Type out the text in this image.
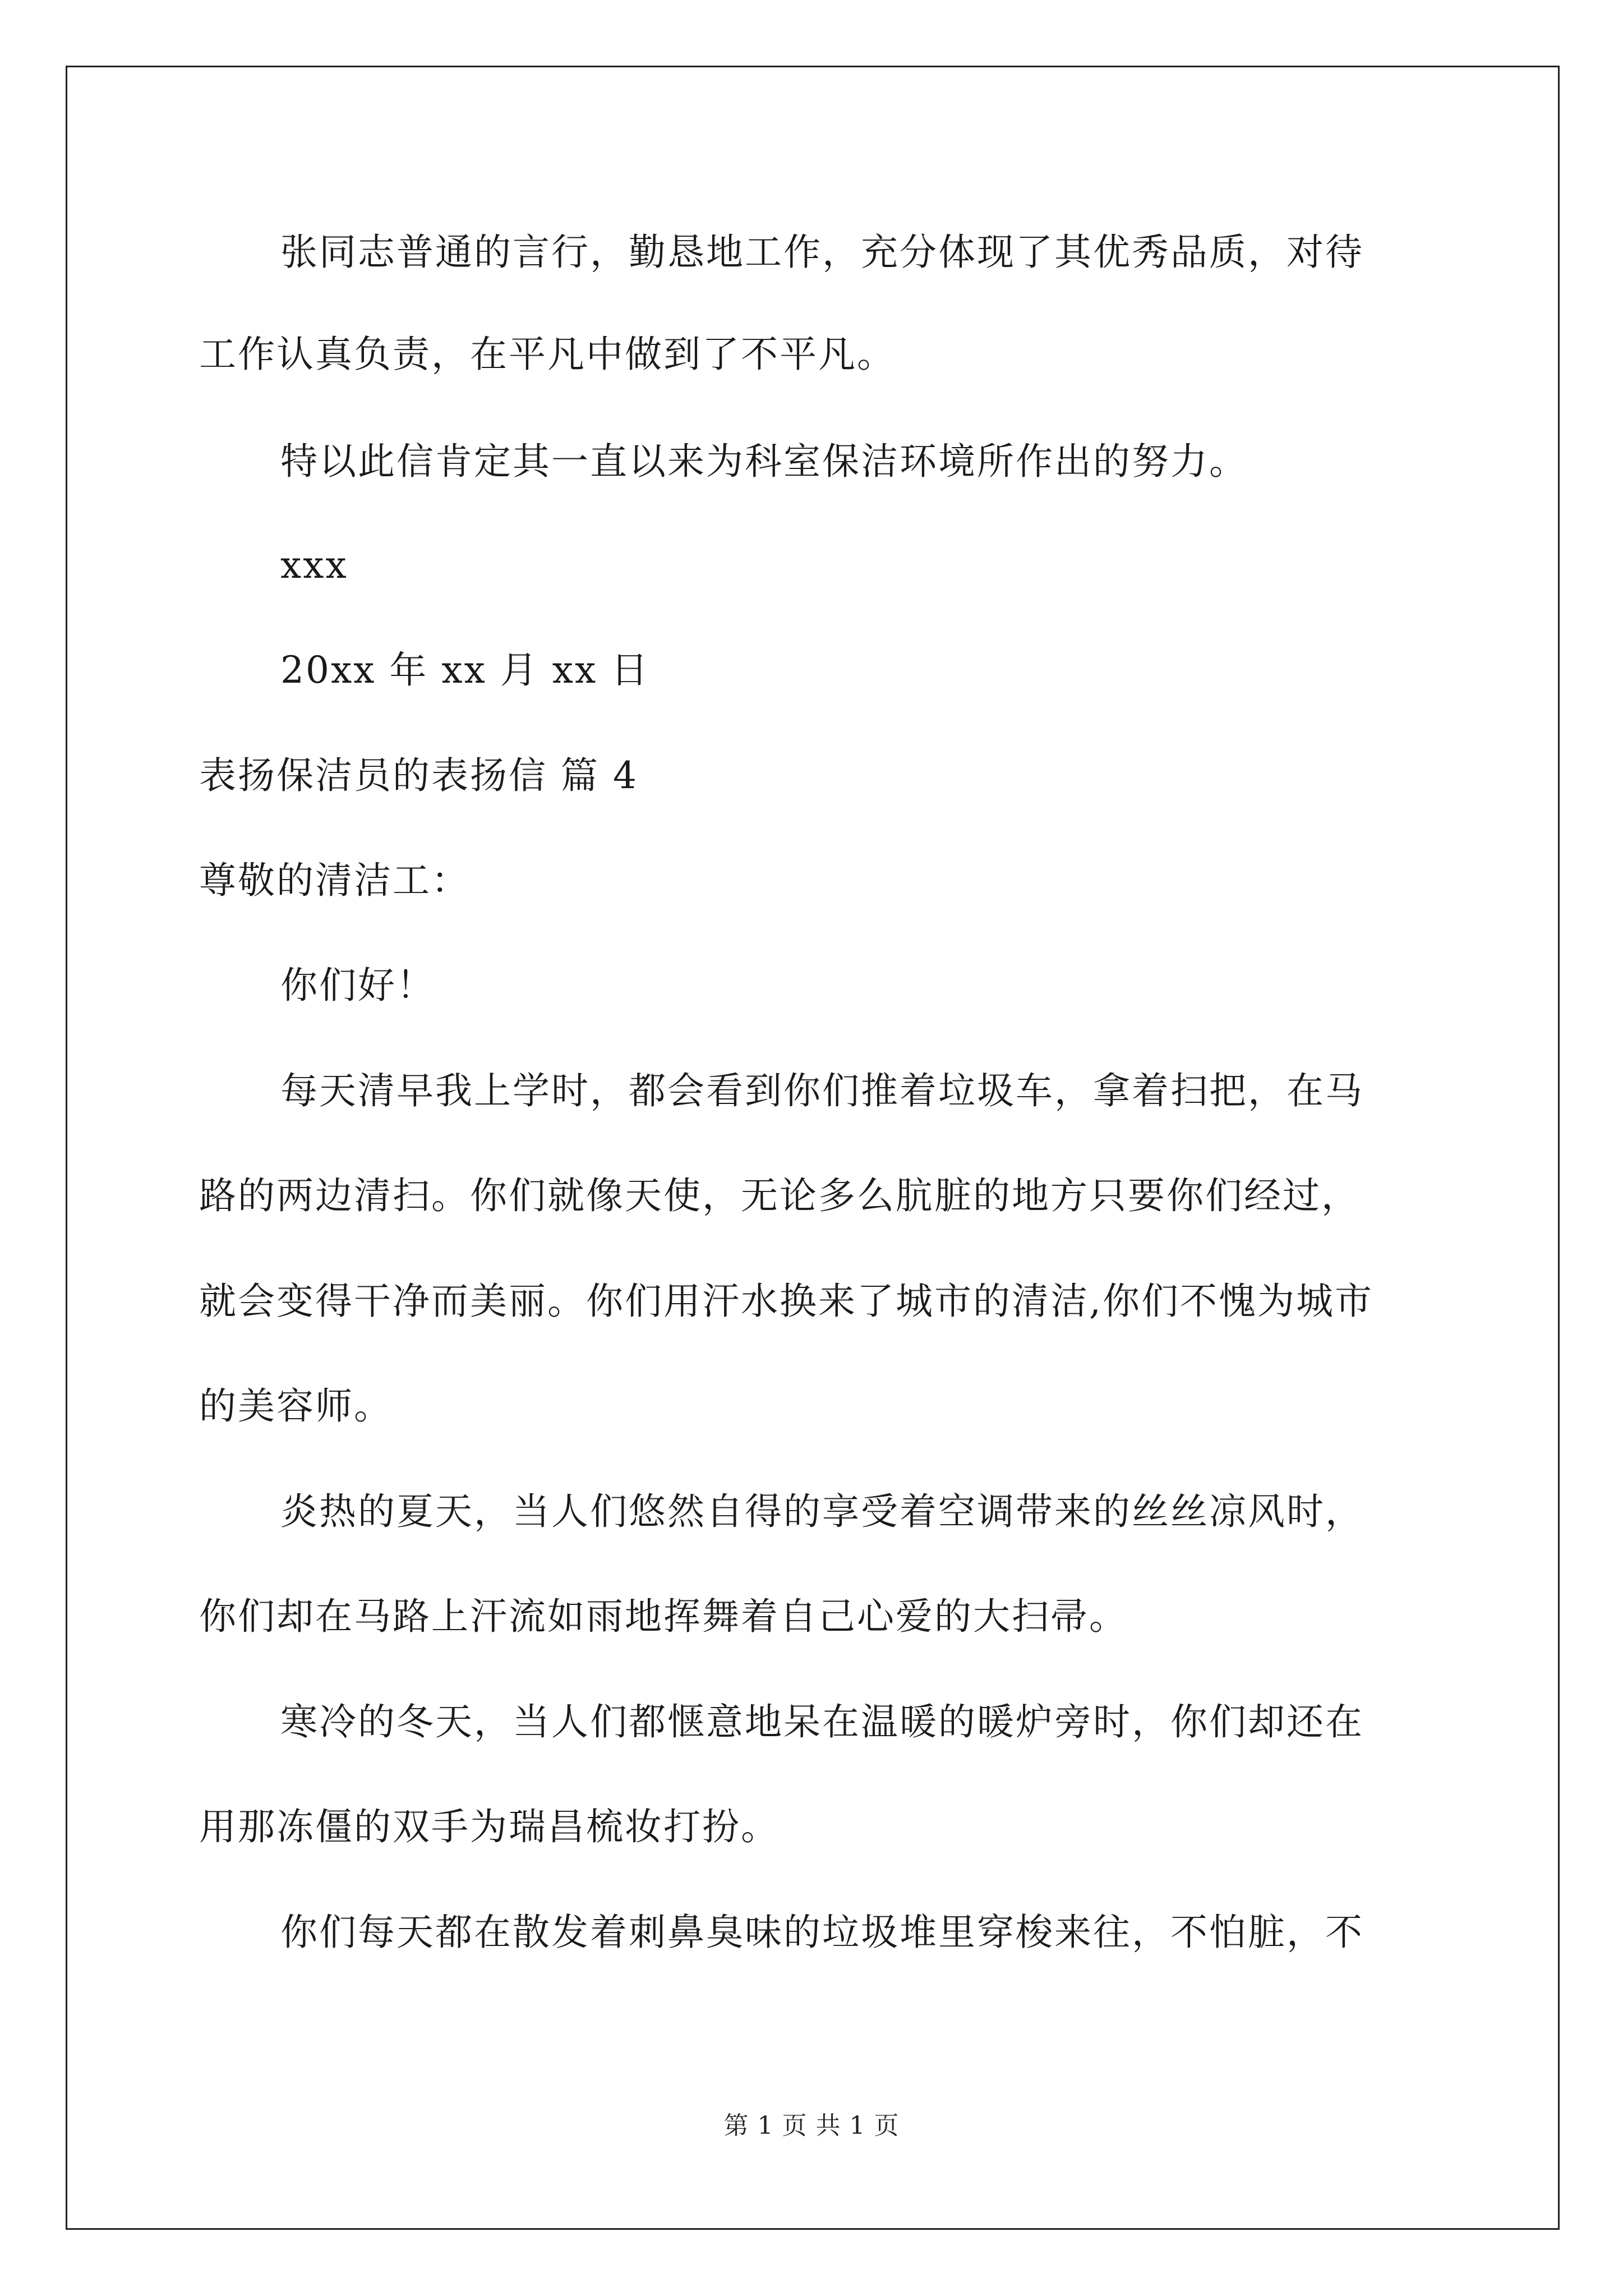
张同志普通的言行，勤恳地工作，充分体现了其优秀品质，对待
工作认真负责，在平凡中做到了不平凡。
特以此信肯定其一直以来为科室保洁环境所作出的努力。
xxx
20xx 年 xx 月 xx 日
表扬保洁员的表扬信 篇 4
尊敬的清洁工：
你们好！
每天清早我上学时，都会看到你们推着垃圾车，拿着扫把，在马
路的两边清扫。你们就像天使，无论多么肮脏的地方只要你们经过，
就会变得干净而美丽。你们用汗水换来了城市的清洁,你们不愧为城市
的美容师。
炎热的夏天，当人们悠然自得的享受着空调带来的丝丝凉风时，
你们却在马路上汗流如雨地挥舞着自己心爱的大扫帚。
寒冷的冬天，当人们都惬意地呆在温暖的暖炉旁时，你们却还在
用那冻僵的双手为瑞昌梳妆打扮。
你们每天都在散发着刺鼻臭味的垃圾堆里穿梭来往，不怕脏，不
第 1 页 共 1 页
